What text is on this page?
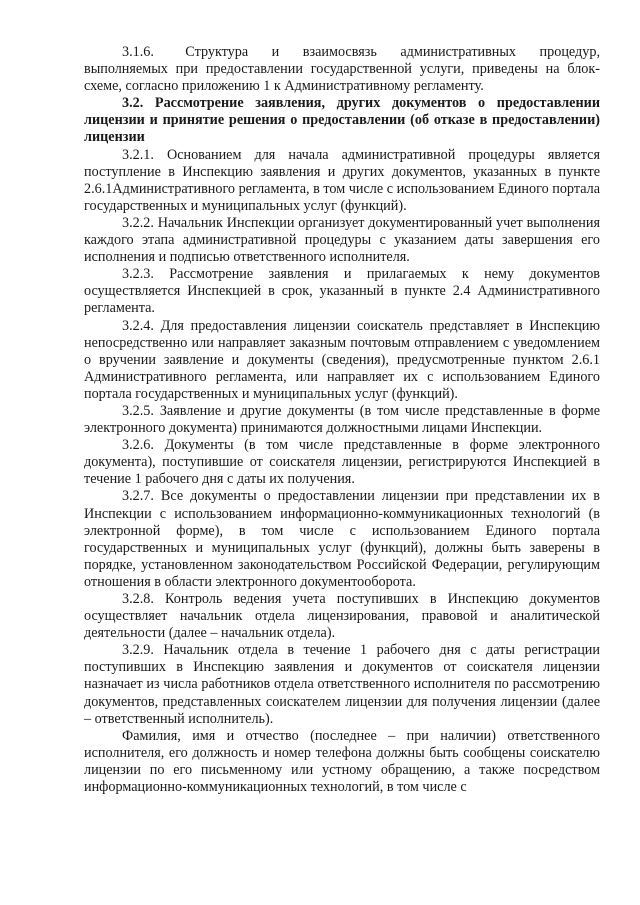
3.1.6.    Структура   и   взаимосвязь   административных   процедур, выполняемых при предоставлении государственной услуги, приведены на блок-схеме, согласно приложению 1 к Административному регламенту.

3.2. Рассмотрение заявления, других документов о предоставлении лицензии и принятие решения о предоставлении (об отказе в предоставлении) лицензии

3.2.1. Основанием для начала административной процедуры является поступление в Инспекцию заявления и других документов, указанных в пункте 2.6.1Административного регламента, в том числе с использованием Единого портала государственных и муниципальных услуг (функций).

3.2.2. Начальник Инспекции организует документированный учет выполнения каждого этапа административной процедуры с указанием даты завершения его исполнения и подписью ответственного исполнителя.

3.2.3. Рассмотрение заявления и прилагаемых к нему документов осуществляется Инспекцией в срок, указанный в пункте 2.4 Административного регламента.

3.2.4. Для предоставления лицензии соискатель представляет в Инспекцию непосредственно или направляет заказным почтовым отправлением с уведомлением о вручении заявление и документы (сведения), предусмотренные пунктом 2.6.1 Административного регламента, или направляет их с использованием Единого портала государственных и муниципальных услуг (функций).

3.2.5. Заявление и другие документы (в том числе представленные в форме электронного документа) принимаются должностными лицами Инспекции.

3.2.6. Документы (в том числе представленные в форме электронного документа), поступившие от соискателя лицензии, регистрируются Инспекцией в течение 1 рабочего дня с даты их получения.

3.2.7. Все документы о предоставлении лицензии при представлении их в Инспекции с использованием информационно-коммуникационных технологий (в электронной форме), в том числе с использованием Единого портала государственных и муниципальных услуг (функций), должны быть заверены в порядке, установленном законодательством Российской Федерации, регулирующим отношения в области электронного документооборота.

3.2.8. Контроль ведения учета поступивших в Инспекцию документов осуществляет начальник отдела лицензирования, правовой и аналитической деятельности (далее – начальник отдела).

3.2.9. Начальник отдела в течение 1 рабочего дня с даты регистрации поступивших в Инспекцию заявления и документов от соискателя лицензии назначает из числа работников отдела ответственного исполнителя по рассмотрению документов, представленных соискателем лицензии для получения лицензии (далее – ответственный исполнитель).

Фамилия, имя и отчество (последнее – при наличии) ответственного исполнителя, его должность и номер телефона должны быть сообщены соискателю лицензии по его письменному или устному обращению, а также посредством информационно-коммуникационных технологий, в том числе с
